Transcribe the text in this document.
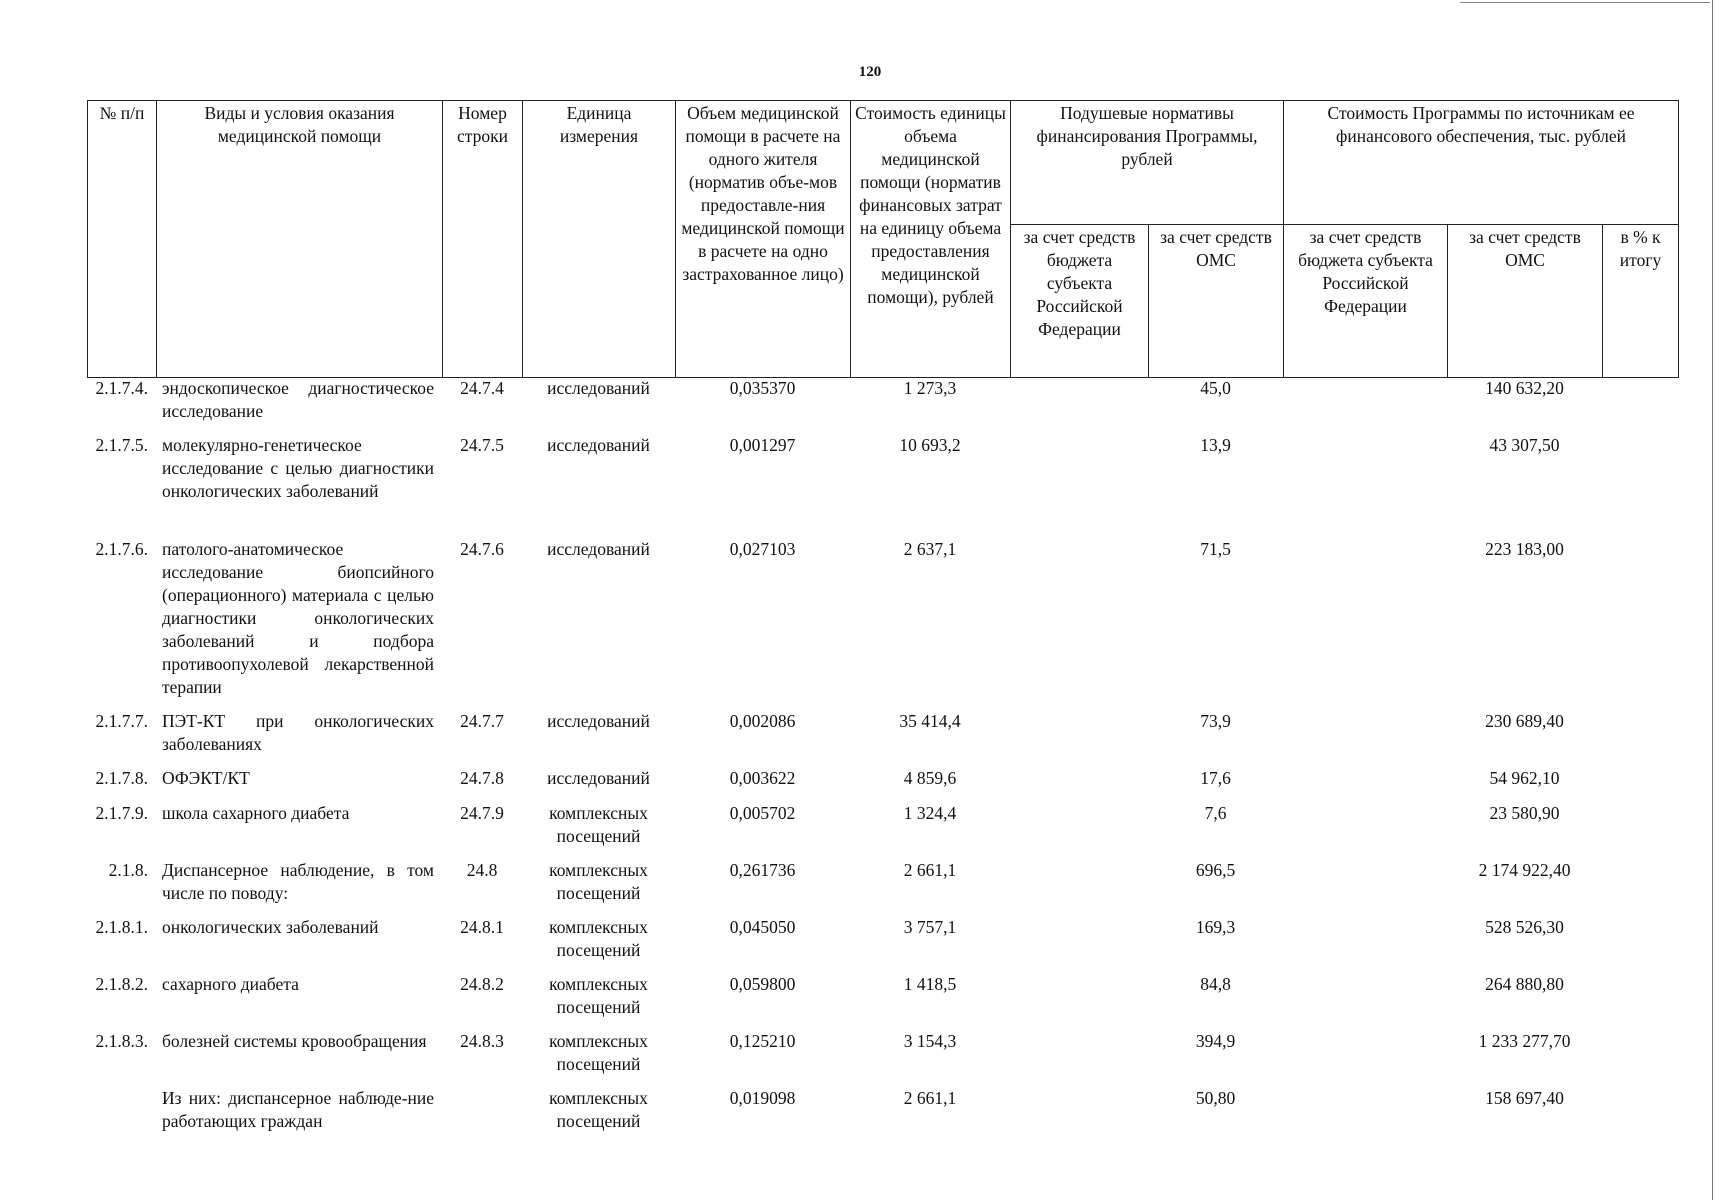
120
№ п/п	Виды и условия оказания медицинской помощи	Номер строки	Единица измерения	Объем медицинской помощи в расчете на одного жителя (норматив объе-мов предоставле-ния медицинской помощи в расчете на одно застрахованное лицо)	Стоимость единицы объема медицинской помощи (норматив финансовых затрат на единицу объема предоставления медицинской помощи), рублей	Подушевые нормативы финансирования Программы, рублей		Стоимость Программы по источникам ее финансового обеспечения, тыс. рублей		
						за счет средств бюджета субъекта Российской Федерации	за счет средств ОМС	за счет средств бюджета субъекта Российской Федерации	за счет средств ОМС	в % к итогу
2.1.7.4.	эндоскопическое диагностическое исследование	24.7.4	исследований	0,035370	1 273,3		45,0		140 632,20	
2.1.7.5.	молекулярно-генетическое исследование с целью диагностики онкологических заболеваний	24.7.5	исследований	0,001297	10 693,2		13,9		43 307,50	
2.1.7.6.	патолого-анатомическое исследование биопсийного (операционного) материала с целью диагностики онкологических заболеваний и подбора противоопухолевой лекарственной терапии	24.7.6	исследований	0,027103	2 637,1		71,5		223 183,00	
2.1.7.7.	ПЭТ-КТ при онкологических заболеваниях	24.7.7	исследований	0,002086	35 414,4		73,9		230 689,40	
2.1.7.8.	ОФЭКТ/КТ	24.7.8	исследований	0,003622	4 859,6		17,6		54 962,10	
2.1.7.9.	школа сахарного диабета	24.7.9	комплексных посещений	0,005702	1 324,4		7,6		23 580,90	
2.1.8.	Диспансерное наблюдение, в том числе по поводу:	24.8	комплексных посещений	0,261736	2 661,1		696,5		2 174 922,40	
2.1.8.1.	онкологических заболеваний	24.8.1	комплексных посещений	0,045050	3 757,1		169,3		528 526,30	
2.1.8.2.	сахарного диабета	24.8.2	комплексных посещений	0,059800	1 418,5		84,8		264 880,80	
2.1.8.3.	болезней системы кровообращения	24.8.3	комплексных посещений	0,125210	3 154,3		394,9		1 233 277,70	
	Из них: диспансерное наблюде-ние работающих граждан		комплексных посещений	0,019098	2 661,1		50,80		158 697,40	
